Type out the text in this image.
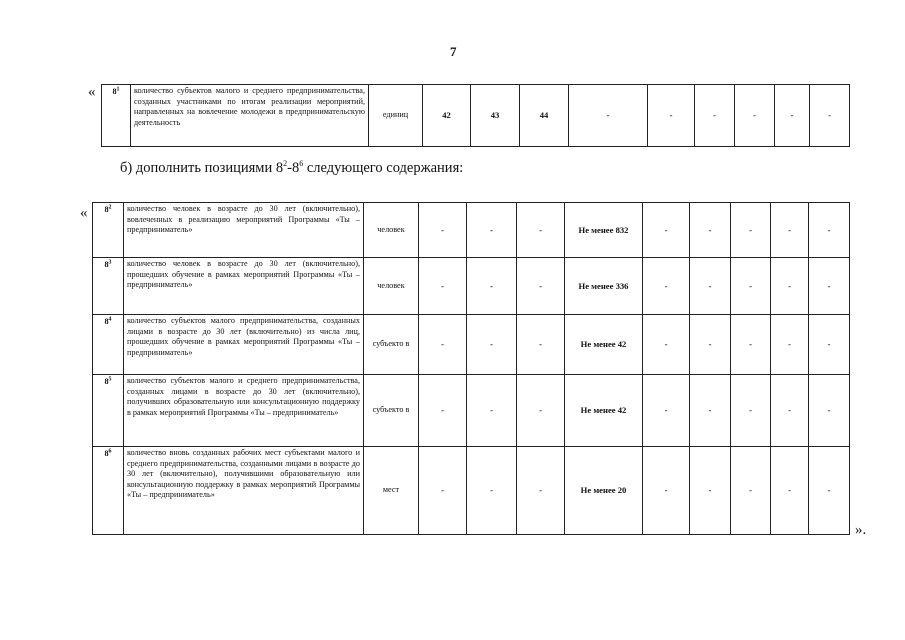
7
« $8^1$	количество субъектов малого и среднего предпринимательства, созданных участниками по итогам реализации мероприятий, направленных на вовлечение молодежи в предпринимательскую деятельность	единиц	42	43	44	-	-	-	-	-	-
б) дополнить позициями $8^2-8^6$ следующего содержания:
« $8^2$	количество человек в возрасте до 30 лет (включительно), вовлеченных в реализацию мероприятий Программы «Ты – предприниматель»	человек	-	-	-	Не менее 832	-	-	-	-	-
$8^3$	количество человек в возрасте до 30 лет (включительно), прошедших обучение в рамках мероприятий Программы «Ты – предприниматель»	человек	-	-	-	Не менее 336	-	-	-	-	-
$8^4$	количество субъектов малого предпринимательства, созданных лицами в возрасте до 30 лет (включительно) из числа лиц, прошедших обучение в рамках мероприятий Программы «Ты – предприниматель»	субъекто в	-	-	-	Не менее 42	-	-	-	-	-
$8^5$	количество субъектов малого и среднего предпринимательства, созданных лицами в возрасте до 30 лет (включительно), получивших образовательную или консультационную поддержку в рамках мероприятий Программы «Ты – предприниматель»	субъекто в	-	-	-	Не менее 42	-	-	-	-	-
$8^6$	количество вновь созданных рабочих мест субъектами малого и среднего предпринимательства, созданными лицами в возрасте до 30 лет (включительно), получившими образовательную или консультационную поддержку в рамках мероприятий Программы «Ты – предприниматель»	мест	-	-	-	Не менее 20	-	-	-	-	-
».
